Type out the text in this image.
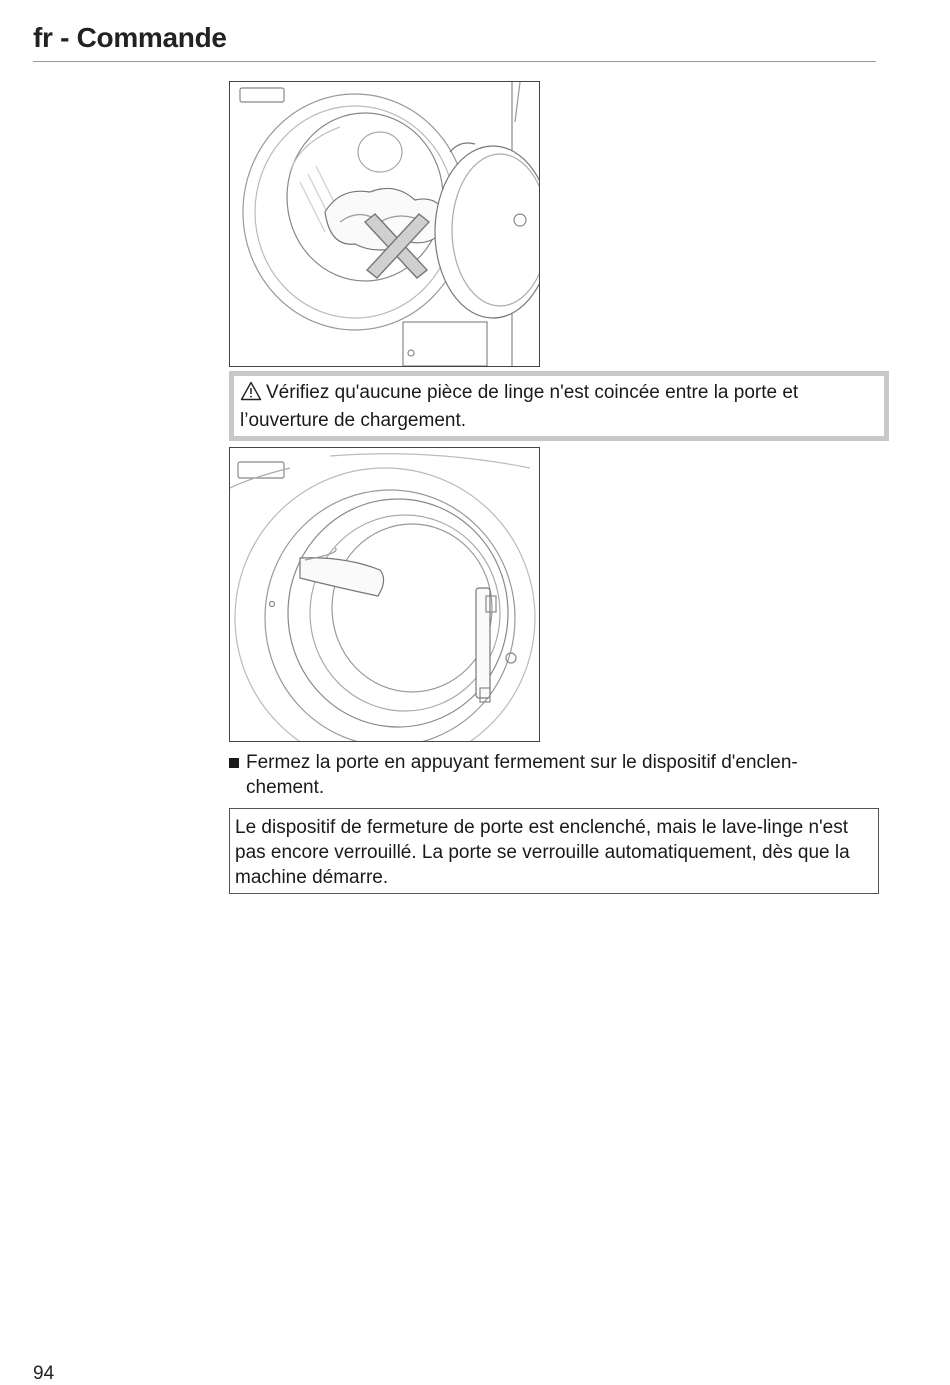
fr - Commande
Vérifiez qu'aucune pièce de linge n'est coincée entre la porte et l’ouverture de chargement.
Fermez la porte en appuyant fermement sur le dispositif d'enclen- chement.
Le dispositif de fermeture de porte est enclenché, mais le lave-linge n'est pas encore verrouillé. La porte se verrouille automatiquement, dès que la machine démarre.
94
